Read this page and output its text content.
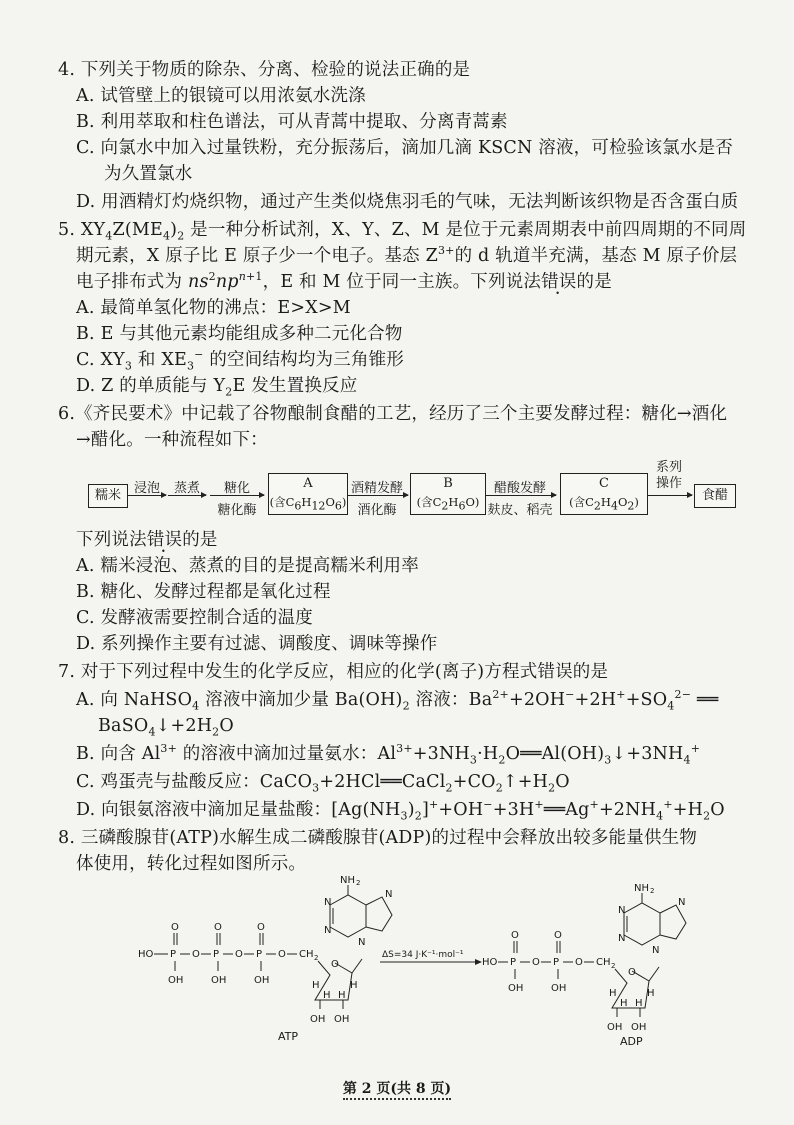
4. 下列关于物质的除杂、分离、检验的说法正确的是
A. 试管壁上的银镜可以用浓氨水洗涤
B. 利用萃取和柱色谱法，可从青蒿中提取、分离青蒿素
C. 向氯水中加入过量铁粉，充分振荡后，滴加几滴 KSCN 溶液，可检验该氯水是否
为久置氯水
D. 用酒精灯灼烧织物，通过产生类似烧焦羽毛的气味，无法判断该织物是否含蛋白质
5. $XY_4Z(ME_4)_2$ 是一种分析试剂，X、Y、Z、M 是位于元素周期表中前四周期的不同周
期元素，X 原子比 E 原子少一个电子。基态 $Z^{3+}$的 d 轨道半充满，基态 M 原子价层
电子排布式为 $ns^2np^{n+1}$，E 和 M 位于同一主族。下列说法错误的是
A. 最简单氢化物的沸点：E>X>M
B. E 与其他元素均能组成多种二元化合物
C. $XY_3$ 和 $XE_3^-$ 的空间结构均为三角锥形
D. Z 的单质能与 $Y_2E$ 发生置换反应
6.《齐民要术》中记载了谷物酿制食醋的工艺，经历了三个主要发酵过程：糖化→酒化
→醋化。一种流程如下：
糯米 浸泡	蒸煮	糖化
糖化酶
A
(含$C_6H_{12}O_6$)
酒精发酵
酒化酶
B
(含$C_2H_6O$)
醋酸发酵
麸皮、稻壳
C
(含$C_2H_4O_2$)
系列
操作
食醋
下列说法错误的是
A. 糯米浸泡、蒸煮的目的是提高糯米利用率
B. 糖化、发酵过程都是氧化过程
C. 发酵液需要控制合适的温度
D. 系列操作主要有过滤、调酸度、调味等操作
7. 对于下列过程中发生的化学反应，相应的化学(离子)方程式错误的是
A. 向 NaHSO$_4$ 溶液中滴加少量 $Ba(OH)_2$ 溶液：$Ba^{2+}+2OH^-+2H^++SO_4^{2-}$ ══
$BaSO_4↓+2H_2O$
B. 向含 $Al^{3+}$ 的溶液中滴加过量氨水：$Al^{3+}+3NH_3\cdot H_2O══Al(OH)_3↓+3NH_4^+$
C. 鸡蛋壳与盐酸反应：$CaCO_3+2HCl══CaCl_2+CO_2↑+H_2O$
D. 向银氨溶液中滴加足量盐酸：$[Ag(NH_3)_2]^++OH^-+3H^+══Ag^++2NH_4^++H_2O$
8. 三磷酸腺苷(ATP)水解生成二磷酸腺苷(ADP)的过程中会释放出较多能量供生物
体使用，转化过程如图所示。
HO P
O
OH
O P
O
OH
O P
O
OH
O CH 2
O
H	H
H H
OH OH
NH 2
N
N
N
N
ATP
ΔS=34 J·K⁻¹·mol⁻¹
HO P
O
OH
O P
O
OH
O CH 2
O
H	H
H H
OH OH
NH 2
N
N
N
N
ADP
第 2 页(共 8 页)
